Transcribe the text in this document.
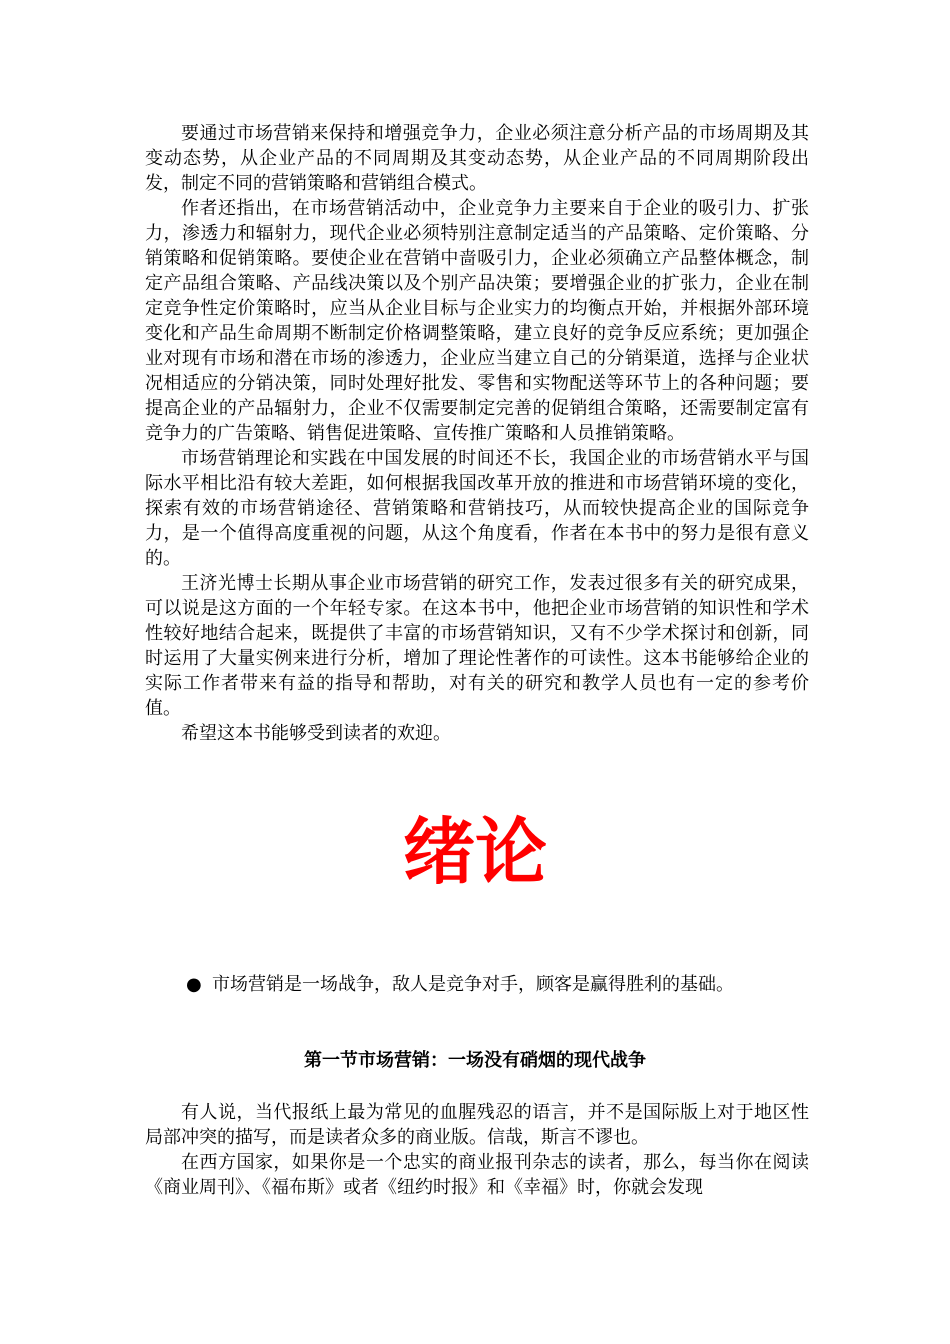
要通过市场营销来保持和增强竞争力，企业必须注意分析产品的市场周期及其变动态势，从企业产品的不同周期及其变动态势，从企业产品的不同周期阶段出发，制定不同的营销策略和营销组合模式。

作者还指出，在市场营销活动中，企业竞争力主要来自于企业的吸引力、扩张力，渗透力和辐射力，现代企业必须特别注意制定适当的产品策略、定价策略、分销策略和促销策略。要使企业在营销中啬吸引力，企业必须确立产品整体概念，制定产品组合策略、产品线决策以及个别产品决策；要增强企业的扩张力，企业在制定竞争性定价策略时，应当从企业目标与企业实力的均衡点开始，并根据外部环境变化和产品生命周期不断制定价格调整策略，建立良好的竞争反应系统；更加强企业对现有市场和潜在市场的渗透力，企业应当建立自己的分销渠道，选择与企业状况相适应的分销决策，同时处理好批发、零售和实物配送等环节上的各种问题；要提高企业的产品辐射力，企业不仅需要制定完善的促销组合策略，还需要制定富有竞争力的广告策略、销售促进策略、宣传推广策略和人员推销策略。

市场营销理论和实践在中国发展的时间还不长，我国企业的市场营销水平与国际水平相比沿有较大差距，如何根据我国改革开放的推进和市场营销环境的变化，探索有效的市场营销途径、营销策略和营销技巧，从而较快提高企业的国际竞争力，是一个值得高度重视的问题，从这个角度看，作者在本书中的努力是很有意义的。

王济光博士长期从事企业市场营销的研究工作，发表过很多有关的研究成果，可以说是这方面的一个年轻专家。在这本书中，他把企业市场营销的知识性和学术性较好地结合起来，既提供了丰富的市场营销知识，又有不少学术探讨和创新，同时运用了大量实例来进行分析，增加了理论性著作的可读性。这本书能够给企业的实际工作者带来有益的指导和帮助，对有关的研究和教学人员也有一定的参考价值。

希望这本书能够受到读者的欢迎。

绪论
● 市场营销是一场战争，敌人是竞争对手，顾客是赢得胜利的基础。
第一节市场营销：一场没有硝烟的现代战争

有人说，当代报纸上最为常见的血腥残忍的语言，并不是国际版上对于地区性局部冲突的描写，而是读者众多的商业版。信哉，斯言不谬也。

在西方国家，如果你是一个忠实的商业报刊杂志的读者，那么，每当你在阅读《商业周刊》、《福布斯》或者《纽约时报》和《幸福》时，你就会发现
